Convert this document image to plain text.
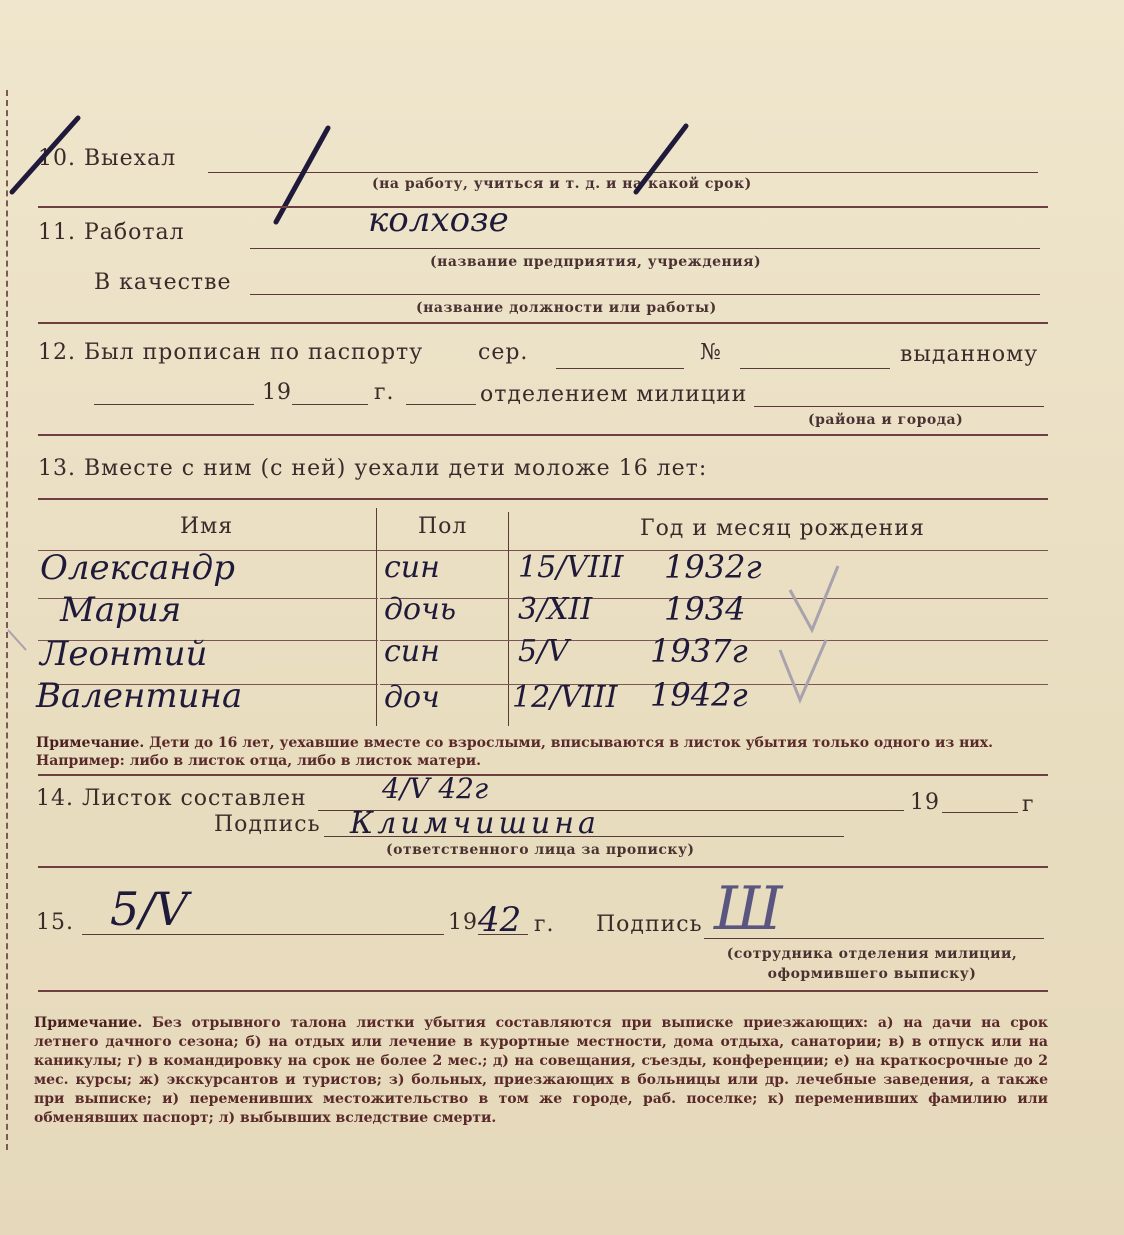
10. Выехал
(на работу, учиться и т. д. и на какой срок)
11. Работал	колхозе
(название предприятия, учреждения)
В качестве
(название должности или работы)
12. Был прописан по паспорту сер.	№	выданному
19	г.	отделением милиции
(района и города)
13. Вместе с ним (с ней) уехали дети моложе 16 лет:
Имя	Пол	Год и месяц рождения
Олександр	син	15/VIII 1932г
Мария	дочь 3/XII 1934
Леонтий	син	5/V	1937г
Валентина	доч 12/VIII 1942г
Примечание. Дети до 16 лет, уехавшие вместе со взрослыми, вписываются в листок убытия только одного из них. Например: либо в листок отца, либо в листок матери.
14. Листок составлен	4/V 42г	19	г
Подпись Климчишина
(ответственного лица за прописку)
15. 5/V	19 42 г. Подпись Ш
(сотрудника отделения милиции, оформившего выписку)
Примечание. Без отрывного талона листки убытия составляются при выписке приезжающих: а) на дачи на срок летнего дачного сезона; б) на отдых или лечение в курортные местности, дома отдыха, санатории; в) в отпуск или на каникулы; г) в командировку на срок не более 2 мес.; д) на совещания, съезды, конференции; е) на краткосрочные до 2 мес. курсы; ж) экскурсантов и туристов; з) больных, приезжающих в больницы или др. лечебные заведения, а также при выписке; и) переменивших местожительство в том же городе, раб. поселке; к) переменивших фамилию или обменявших паспорт; л) выбывших вследствие смерти.
